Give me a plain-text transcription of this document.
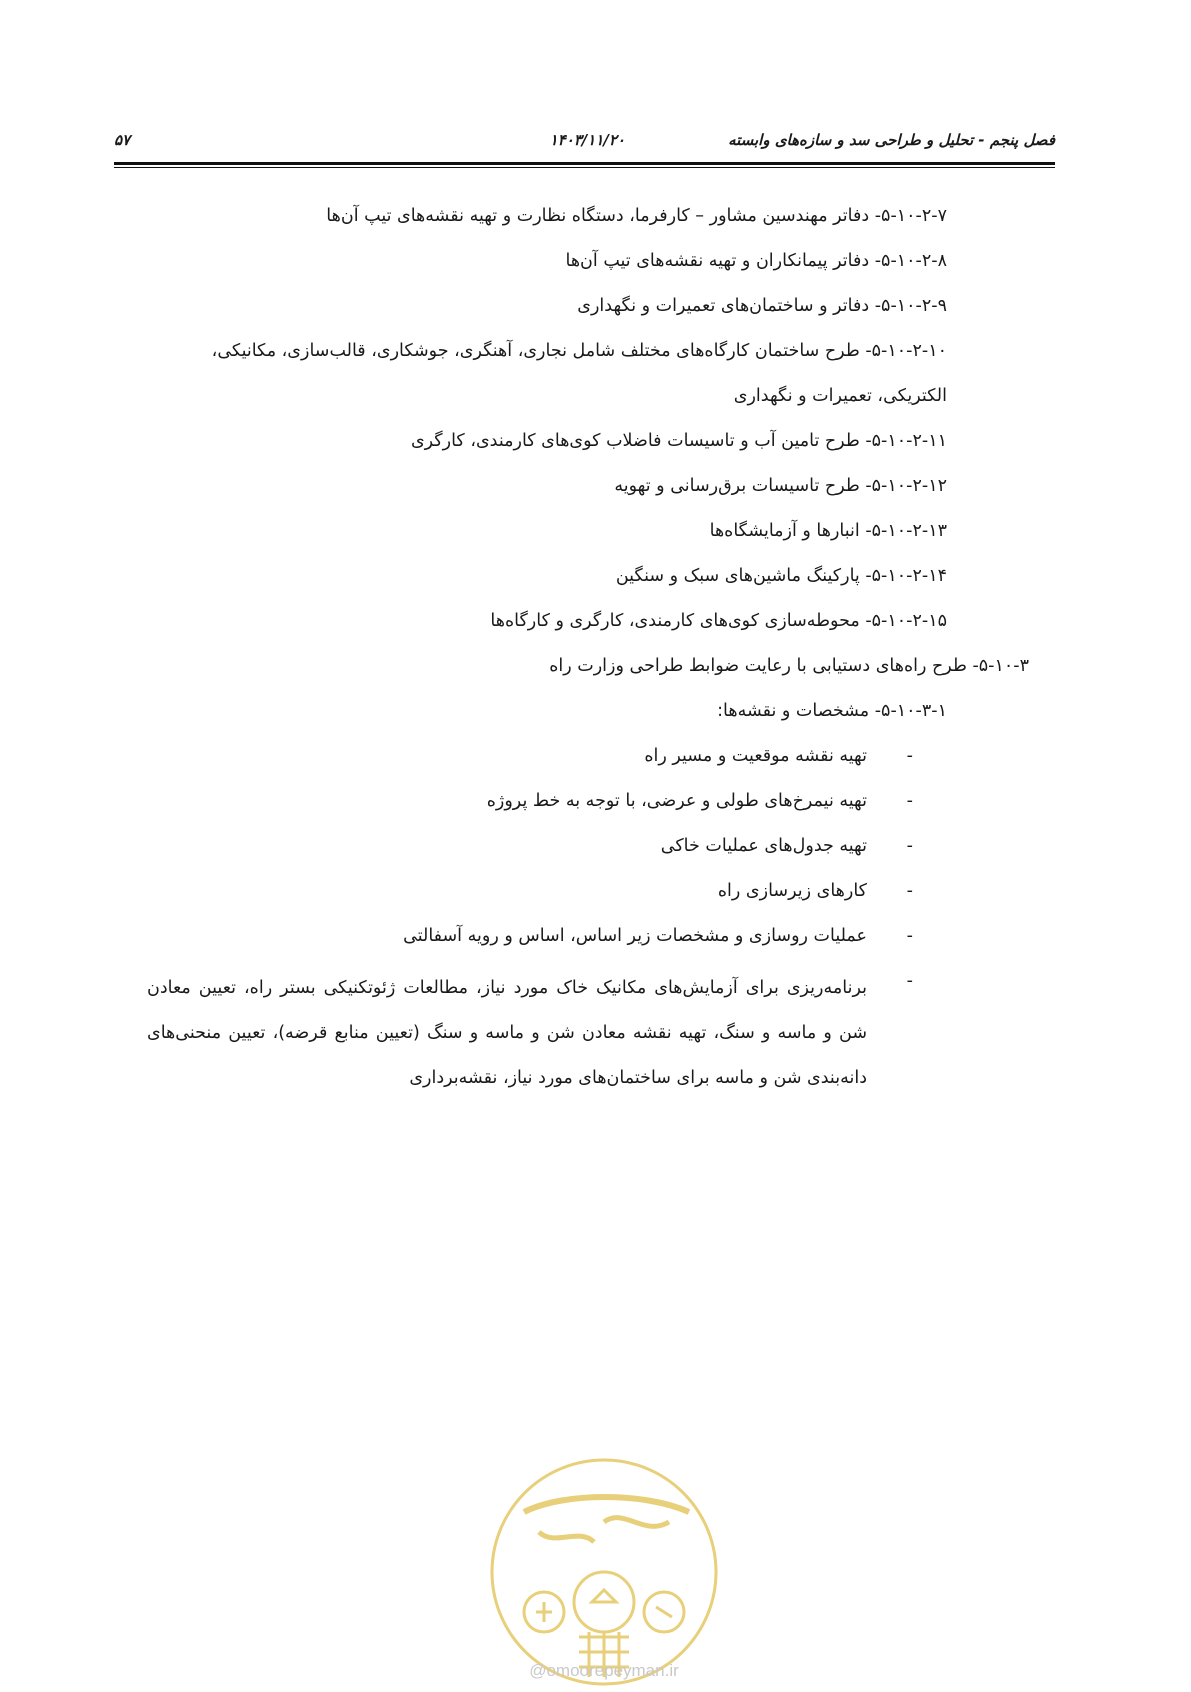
فصل پنجم - تحلیل و طراحی سد و سازه‌های وابسته
۱۴۰۳/۱۱/۲۰
۵۷
۵-۱۰-۲-۷- دفاتر مهندسین مشاور – کارفرما، دستگاه نظارت و تهیه نقشه‌های تیپ آن‌ها
۵-۱۰-۲-۸- دفاتر پیمانکاران و تهیه نقشه‌های تیپ آن‌ها
۵-۱۰-۲-۹- دفاتر و ساختمان‌های تعمیرات و نگهداری
۵-۱۰-۲-۱۰- طرح ساختمان کارگاه‌های مختلف شامل نجاری، آهنگری، جوشکاری، قالب‌سازی، مکانیکی،
الکتریکی، تعمیرات و نگهداری
۵-۱۰-۲-۱۱- طرح تامین آب و تاسیسات فاضلاب کوی‌های کارمندی، کارگری
۵-۱۰-۲-۱۲- طرح تاسیسات برق‌رسانی و تهویه
۵-۱۰-۲-۱۳- انبارها و آزمایشگاه‌ها
۵-۱۰-۲-۱۴- پارکینگ ماشین‌های سبک و سنگین
۵-۱۰-۲-۱۵- محوطه‌سازی کوی‌های کارمندی، کارگری و کارگاه‌ها
۵-۱۰-۳- طرح راه‌های دستیابی با رعایت ضوابط طراحی وزارت راه
۵-۱۰-۳-۱- مشخصات و نقشه‌ها:
-
تهیه نقشه موقعیت و مسیر راه
-
تهیه نیمرخ‌های طولی و عرضی، با توجه به خط پروژه
-
تهیه جدول‌های عملیات خاکی
-
کارهای زیرسازی راه
-
عملیات روسازی و مشخصات زیر اساس، اساس و رویه آسفالتی
-
برنامه‌ریزی برای آزمایش‌های مکانیک خاک مورد نیاز، مطالعات ژئوتکنیکی بستر راه، تعیین معادن شن و ماسه و سنگ، تهیه نقشه معادن شن و ماسه و سنگ (تعیین منابع قرضه)، تعیین منحنی‌های دانه‌بندی شن و ماسه برای ساختمان‌های مورد نیاز، نقشه‌برداری
@omoorepeyman.ir
